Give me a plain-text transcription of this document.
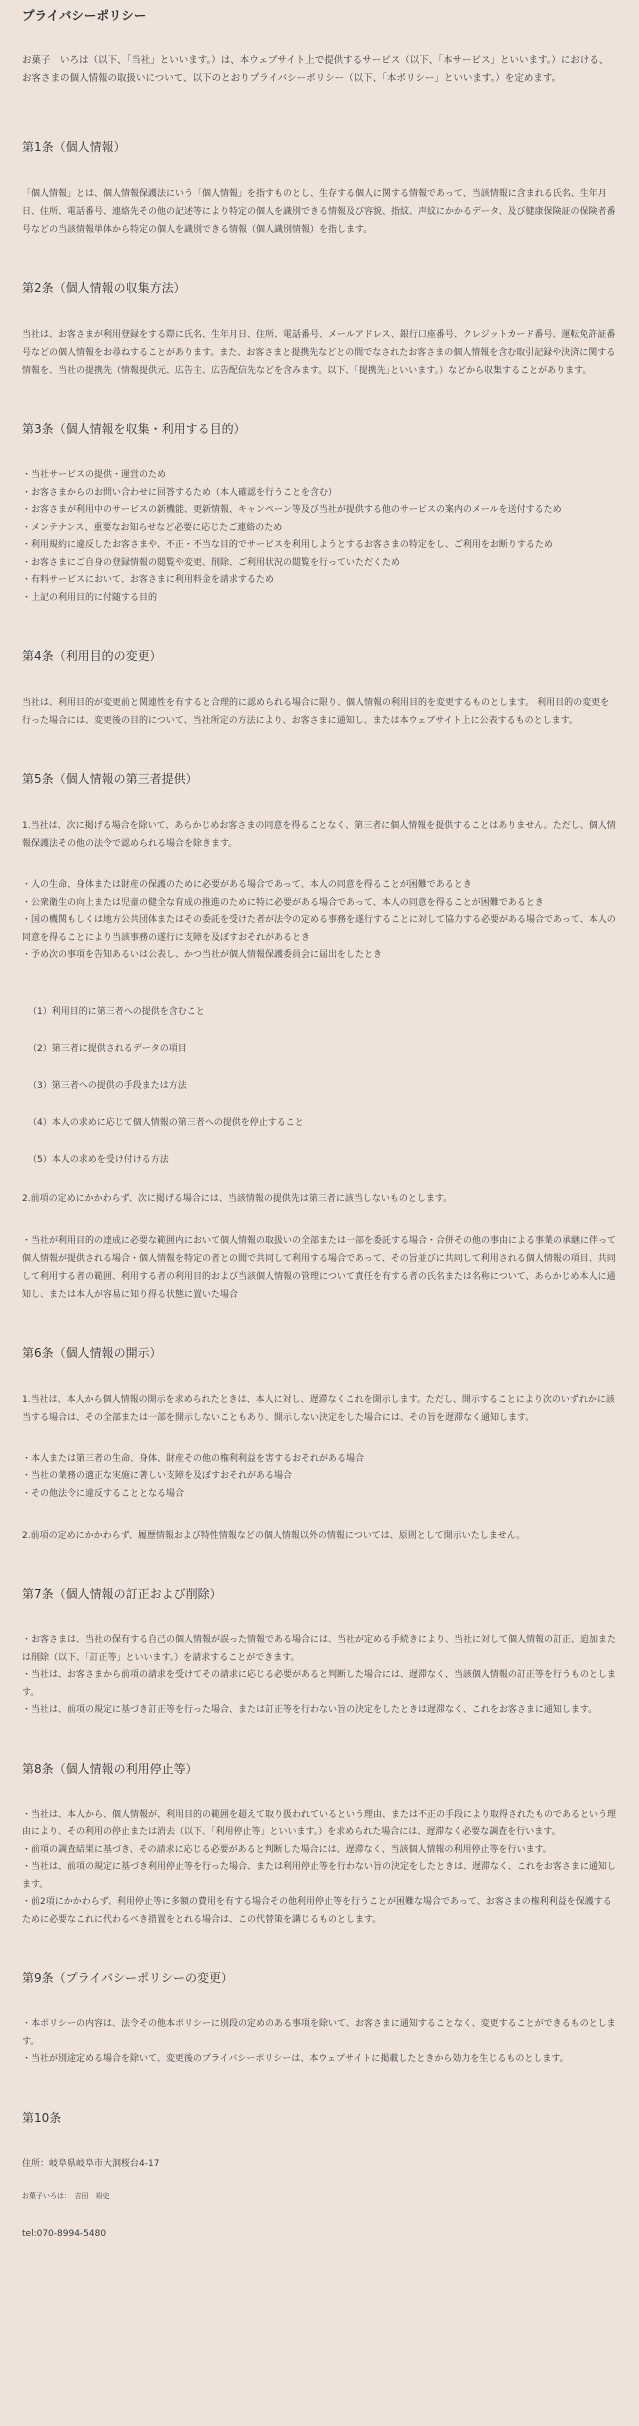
プライバシーポリシー

お菓子　いろは（以下、「当社」といいます。）は、本ウェブサイト上で提供するサービス（以下、「本サービス」といいます。）における、お客さまの個人情報の取扱いについて、以下のとおりプライバシーポリシー（以下、「本ポリシー」といいます。）を定めます。

第1条（個人情報）

「個人情報」とは、個人情報保護法にいう「個人情報」を指すものとし、生存する個人に関する情報であって、当該情報に含まれる氏名、生年月日、住所、電話番号、連絡先その他の記述等により特定の個人を識別できる情報及び容貌、指紋、声紋にかかるデータ、及び健康保険証の保険者番号などの当該情報単体から特定の個人を識別できる情報（個人識別情報）を指します。

第2条（個人情報の収集方法）

当社は、お客さまが利用登録をする際に氏名、生年月日、住所、電話番号、メールアドレス、銀行口座番号、クレジットカード番号、運転免許証番号などの個人情報をお尋ねすることがあります。また、お客さまと提携先などとの間でなされたお客さまの個人情報を含む取引記録や決済に関する情報を、当社の提携先（情報提供元、広告主、広告配信先などを含みます。以下、｢提携先｣といいます。）などから収集することがあります。

第3条（個人情報を収集・利用する目的）
・当社サービスの提供・運営のため
・お客さまからのお問い合わせに回答するため（本人確認を行うことを含む）
・お客さまが利用中のサービスの新機能、更新情報、キャンペーン等及び当社が提供する他のサービスの案内のメールを送付するため
・メンテナンス、重要なお知らせなど必要に応じたご連絡のため
・利用規約に違反したお客さまや、不正・不当な目的でサービスを利用しようとするお客さまの特定をし、ご利用をお断りするため
・お客さまにご自身の登録情報の閲覧や変更、削除、ご利用状況の閲覧を行っていただくため
・有料サービスにおいて、お客さまに利用料金を請求するため
・上記の利用目的に付随する目的
第4条（利用目的の変更）

当社は、利用目的が変更前と関連性を有すると合理的に認められる場合に限り、個人情報の利用目的を変更するものとします。 利用目的の変更を行った場合には、変更後の目的について、当社所定の方法により、お客さまに通知し、または本ウェブサイト上に公表するものとします。

第5条（個人情報の第三者提供）

1.当社は、次に掲げる場合を除いて、あらかじめお客さまの同意を得ることなく、第三者に個人情報を提供することはありません。ただし、個人情報保護法その他の法令で認められる場合を除きます。

・人の生命、身体または財産の保護のために必要がある場合であって、本人の同意を得ることが困難であるとき
・公衆衛生の向上または児童の健全な育成の推進のために特に必要がある場合であって、本人の同意を得ることが困難であるとき
・国の機関もしくは地方公共団体またはその委託を受けた者が法令の定める事務を遂行することに対して協力する必要がある場合であって、本人の同意を得ることにより当該事務の遂行に支障を及ぼすおそれがあるとき
・予め次の事項を告知あるいは公表し、かつ当社が個人情報保護委員会に届出をしたとき
（1）利用目的に第三者への提供を含むこと
（2）第三者に提供されるデータの項目
（3）第三者への提供の手段または方法
（4）本人の求めに応じて個人情報の第三者への提供を停止すること
（5）本人の求めを受け付ける方法

2.前項の定めにかかわらず、次に掲げる場合には、当該情報の提供先は第三者に該当しないものとします。

・当社が利用目的の達成に必要な範囲内において個人情報の取扱いの全部または一部を委託する場合・合併その他の事由による事業の承継に伴って個人情報が提供される場合・個人情報を特定の者との間で共同して利用する場合であって、その旨並びに共同して利用される個人情報の項目、共同して利用する者の範囲、利用する者の利用目的および当該個人情報の管理について責任を有する者の氏名または名称について、あらかじめ本人に通知し、または本人が容易に知り得る状態に置いた場合

第6条（個人情報の開示）

1.当社は、本人から個人情報の開示を求められたときは、本人に対し、遅滞なくこれを開示します。ただし、開示することにより次のいずれかに該当する場合は、その全部または一部を開示しないこともあり、開示しない決定をした場合には、その旨を遅滞なく通知します。

・本人または第三者の生命、身体、財産その他の権利利益を害するおそれがある場合
・当社の業務の適正な実施に著しい支障を及ぼすおそれがある場合
・その他法令に違反することとなる場合

2.前項の定めにかかわらず、履歴情報および特性情報などの個人情報以外の情報については、原則として開示いたしません。

第7条（個人情報の訂正および削除）
・お客さまは、当社の保有する自己の個人情報が誤った情報である場合には、当社が定める手続きにより、当社に対して個人情報の訂正、追加または削除（以下、「訂正等」といいます。）を請求することができます。
・当社は、お客さまから前項の請求を受けてその請求に応じる必要があると判断した場合には、遅滞なく、当該個人情報の訂正等を行うものとします。
・当社は、前項の規定に基づき訂正等を行った場合、または訂正等を行わない旨の決定をしたときは遅滞なく、これをお客さまに通知します。
第8条（個人情報の利用停止等）
・当社は、本人から、個人情報が、利用目的の範囲を超えて取り扱われているという理由、または不正の手段により取得されたものであるという理由により、その利用の停止または消去（以下、「利用停止等」といいます。）を求められた場合には、遅滞なく必要な調査を行います。
・前項の調査結果に基づき、その請求に応じる必要があると判断した場合には、遅滞なく、当該個人情報の利用停止等を行います。
・当社は、前項の規定に基づき利用停止等を行った場合、または利用停止等を行わない旨の決定をしたときは、遅滞なく、これをお客さまに通知します。
・前2項にかかわらず、利用停止等に多額の費用を有する場合その他利用停止等を行うことが困難な場合であって、お客さまの権利利益を保護するために必要なこれに代わるべき措置をとれる場合は、この代替策を講じるものとします。
第9条（プライバシーポリシーの変更）
・本ポリシーの内容は、法令その他本ポリシーに別段の定めのある事項を除いて、お客さまに通知することなく、変更することができるものとします。
・当社が別途定める場合を除いて、変更後のプライバシーポリシーは、本ウェブサイトに掲載したときから効力を生じるものとします。
第10条

住所：岐阜県岐阜市大洞桜台4-17

お菓子いろは：　吉田　裕史

tel:070-8994-5480
